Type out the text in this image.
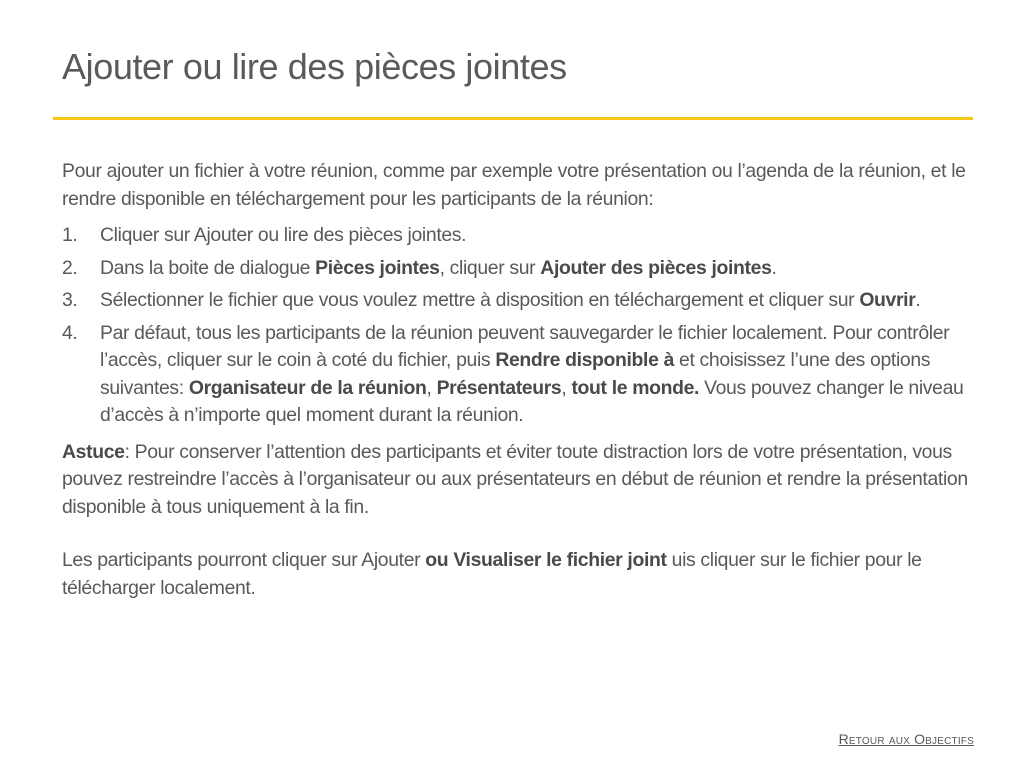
Ajouter ou lire des pièces jointes

Pour ajouter un fichier à votre réunion, comme par exemple votre présentation ou l’agenda de la réunion, et le rendre disponible en téléchargement pour les participants de la réunion:

1. Cliquer sur Ajouter ou lire des pièces jointes.
2. Dans la boite de dialogue Pièces jointes, cliquer sur Ajouter des pièces jointes.
3. Sélectionner le fichier que vous voulez mettre à disposition en téléchargement et cliquer sur Ouvrir.
4. Par défaut, tous les participants de la réunion peuvent sauvegarder le fichier localement. Pour contrôler l’accès, cliquer sur le coin à coté du fichier, puis Rendre disponible à et choisissez l’une des options suivantes: Organisateur de la réunion, Présentateurs, tout le monde. Vous pouvez changer le niveau d’accès à n’importe quel moment durant la réunion.

Astuce: Pour conserver l’attention des participants et éviter toute distraction lors de votre présentation, vous pouvez restreindre l’accès à l’organisateur ou aux présentateurs en début de réunion et rendre la présentation disponible à tous uniquement à la fin.

Les participants pourront cliquer sur Ajouter ou Visualiser le fichier joint uis cliquer sur le fichier pour le télécharger localement.

Retour aux Objectifs
